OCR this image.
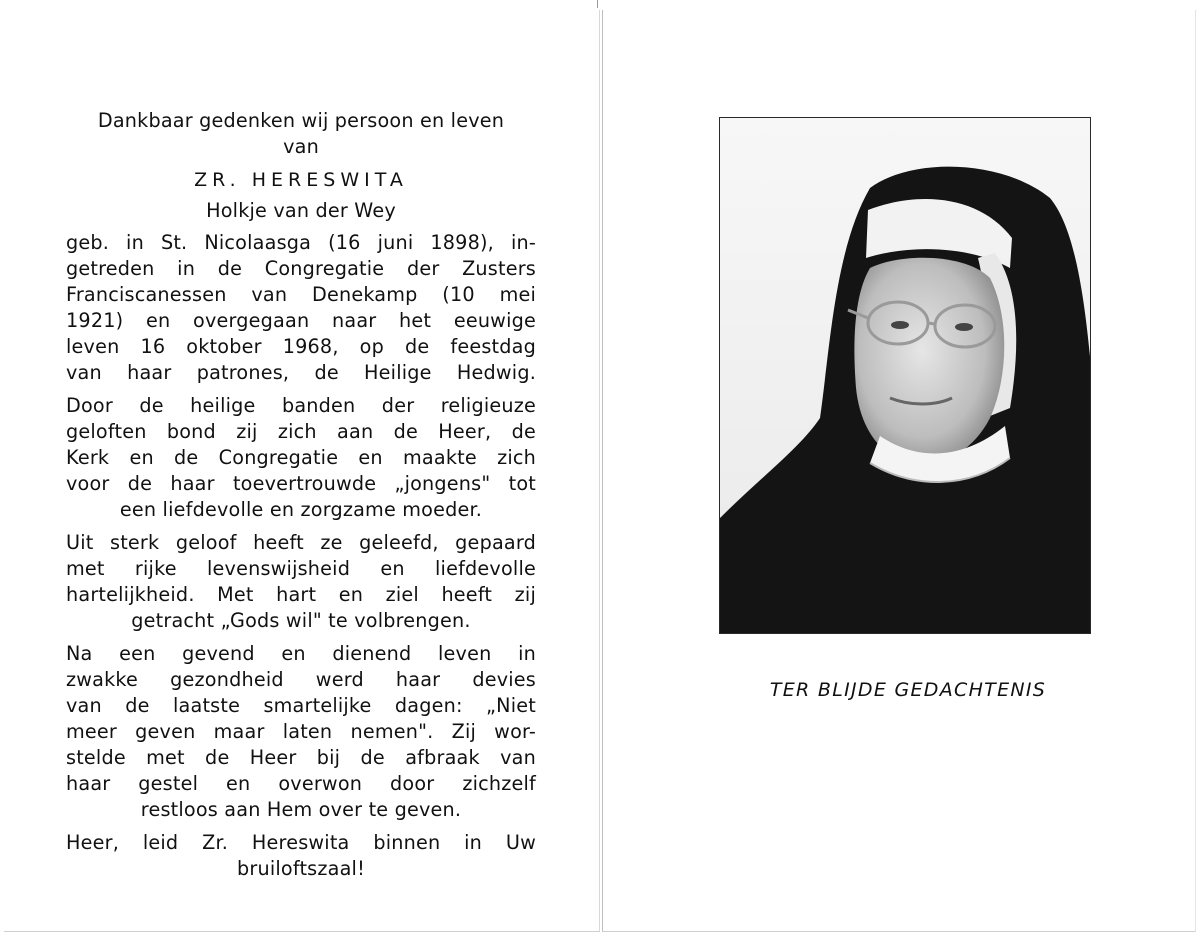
Dankbaar gedenken wij persoon en leven
van
ZR. HERESWITA
Holkje van der Wey
geb. in St. Nicolaasga (16 juni 1898), in-
getreden in de Congregatie der Zusters
Franciscanessen van Denekamp (10 mei
1921) en overgegaan naar het eeuwige
leven 16 oktober 1968, op de feestdag
van haar patrones, de Heilige Hedwig.
Door de heilige banden der religieuze
geloften bond zij zich aan de Heer, de
Kerk en de Congregatie en maakte zich
voor de haar toevertrouwde „jongens" tot
een liefdevolle en zorgzame moeder.
Uit sterk geloof heeft ze geleefd, gepaard
met rijke levenswijsheid en liefdevolle
hartelijkheid. Met hart en ziel heeft zij
getracht „Gods wil" te volbrengen.
Na een gevend en dienend leven in
zwakke gezondheid werd haar devies
van de laatste smartelijke dagen: „Niet
meer geven maar laten nemen". Zij wor-
stelde met de Heer bij de afbraak van
haar gestel en overwon door zichzelf
restloos aan Hem over te geven.
Heer, leid Zr. Hereswita binnen in Uw
bruiloftszaal!
TER BLIJDE GEDACHTENIS
